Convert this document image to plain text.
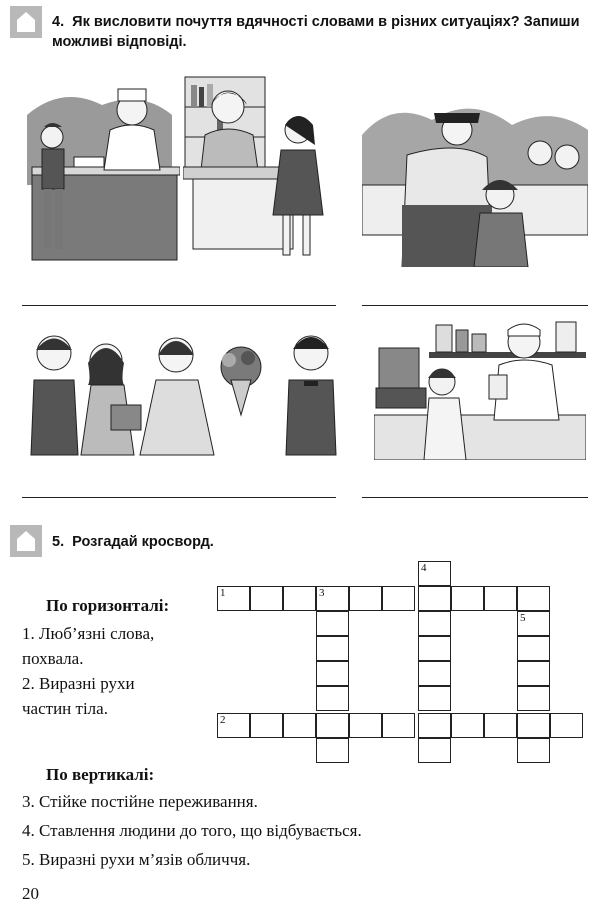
4. Як висловити почуття вдячності словами в різних ситуаціях? Запиши
можливі відповіді.
5. Розгадай кросворд.
По горизонталі:
1. Люб’язні слова,
похвала.
2. Виразні рухи
частин тіла.
По вертикалі:
3. Стійке постійне переживання.
4. Ставлення людини до того, що відбувається.
5. Виразні рухи м’язів обличчя.
4
1	3
5
2
20
